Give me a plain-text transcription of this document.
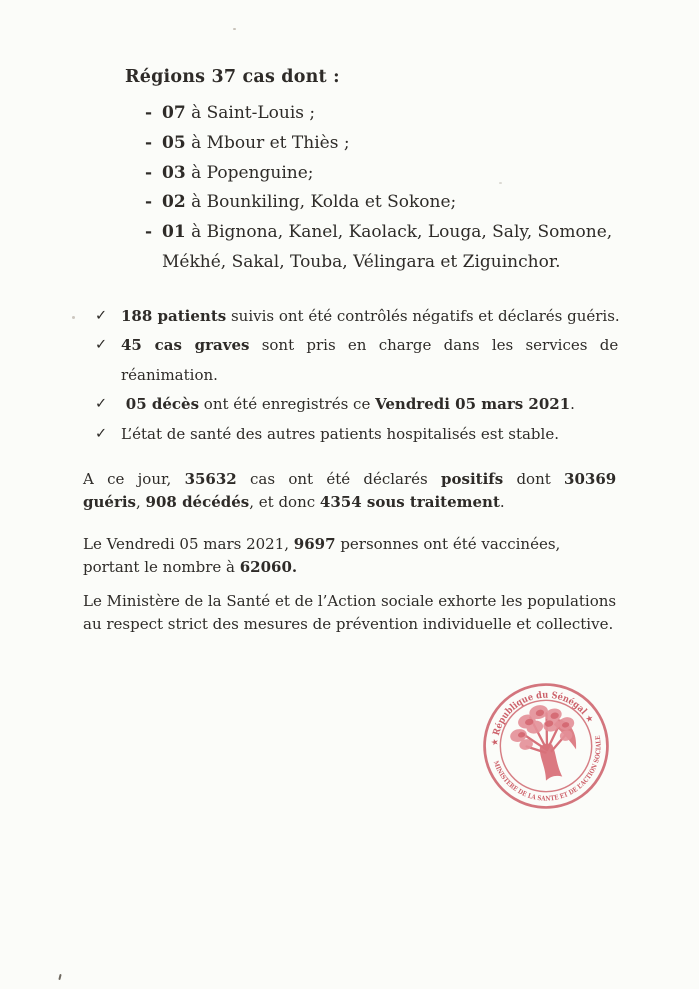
Régions 37 cas dont :
- 07 à Saint-Louis ;
- 05 à Mbour et Thiès ;
- 03 à Popenguine;
- 02 à Bounkiling, Kolda et Sokone;
- 01 à Bignona, Kanel, Kaolack, Louga, Saly, Somone,
Mékhé, Sakal, Touba, Vélingara et Ziguinchor.
✓ 188 patients suivis ont été contrôlés négatifs et déclarés guéris.
✓ 45 cas graves sont pris en charge dans les services de
réanimation.
✓	05 décès ont été enregistrés ce Vendredi 05 mars 2021.
✓ L’état de santé des autres patients hospitalisés est stable.
A ce jour, 35632 cas ont été déclarés positifs dont 30369
guéris, 908 décédés, et donc 4354 sous traitement.
Le Vendredi 05 mars 2021, 9697 personnes ont été vaccinées,
portant le nombre à 62060.
Le Ministère de la Santé et de l’Action sociale exhorte les populations
au respect strict des mesures de prévention individuelle et collective.
★ République du Sénégal ★
MINISTERE DE LA SANTE ET DE L’ACTION SOCIALE
